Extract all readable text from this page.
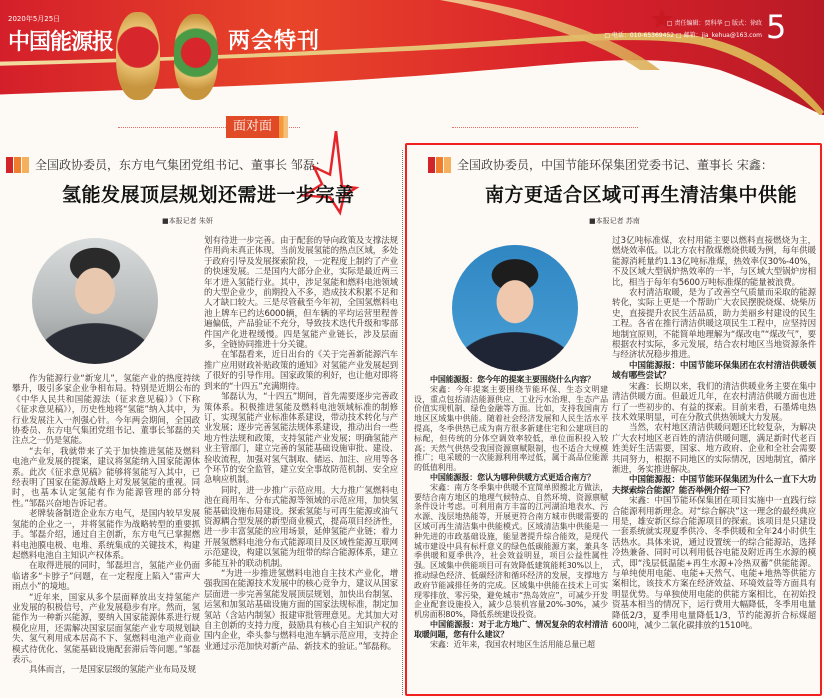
2020年5月25日
中国能源报	两会特刊
□ 责任编辑：贾科华 □ 版式：徐政
□ 电话：010-65369452 □ 邮箱：jia_kehua@163.com 5
面对面
全国政协委员，东方电气集团党组书记、董事长 邹磊：
氢能发展顶层规划还需进一步完善
■本报记者 朱妍

作为能源行业“新宠儿”，氢能产业的热度持续攀升，吸引多家企业争相布局。特别是近期公布的《中华人民共和国能源法（征求意见稿）》（下称《征求意见稿》），历史性地将“氢能”纳入其中，为行业发展注入一剂强心针。今年两会期间，全国政协委员、东方电气集团党组书记、董事长邹磊的关注点之一仍是氢能。

“去年，我就带来了关于加快推进氢能及燃料电池产业发展的提案，建议将氢能纳入国家能源体系。此次《征求意见稿》能够将氢能写入其中，已经表明了国家在能源战略上对发展氢能的重视。同时，也基本认定氢能有作为能源管理的部分特性。”邹磊兴奋地告诉记者。

老牌装备制造企业东方电气，是国内较早发展氢能的企业之一，并将氢能作为战略转型的重要抓手。邹磊介绍，通过自主创新，东方电气已掌握燃料电池膜电极、电堆、系统集成的关键技术，构建起燃料电池自主知识产权体系。

在取得进展的同时，邹磊坦言，氢能产业仍面临诸多“卡脖子”问题，在一定程度上陷入“雷声大雨点小”的境地。

“近年来，国家从多个层面释放出支持氢能产业发展的积极信号，产业发展稳步有序。然而，氢能作为一种新兴能源，要纳入国家能源体系进行规模化应用，还需解决国家层面氢能产业专项规划缺失、氢气利用成本居高不下、氢燃料电池产业商业模式待优化、氢能基础设施配套滞后等问题。”邹磊表示。

具体而言，一是国家层级的氢能产业布局及规

划有待进一步完善。由于配套的导向政策及支撑法规作用尚未真正体现，当前发展氢能的热点区域，多处于政府引导及发展探索阶段，一定程度上制约了产业的快速发展。二是国内大部分企业，实际是最近两三年才进入氢能行业。其中，涉足氢能和燃料电池领域的大型企业少，前期投入不多，造成技术积累不足和人才缺口较大。三是尽管截至今年初，全国氢燃料电池上牌车已约达6000辆，但车辆的平均运营里程普遍偏低，产品验证不充分，导致技术迭代升级和零部件国产化进程缓慢。四是氢能产业链长，涉及层面多，全链协同推进十分关键。

在邹磊看来，近日出台的《关于完善新能源汽车推广应用财政补贴政策的通知》对氢能产业发展起到了很好的引导作用。国家政策的利好，也让他对即将到来的“十四五”充满期待。

邹磊认为，“十四五”期间，首先需要逐步完善政策体系。积极推进氢能及燃料电池领域标准的制修订，实现氢能产业标准体系建设，带动技术转化与产业发展；逐步完善氢能法规体系建设，推动出台一些地方性法规和政策，支持氢能产业发展；明确氢能产业主管部门，建立完善的氢能基础设施审批、建设、验收流程，加强对氢气制取、储运、加注、应用等各个环节的安全监管，建立安全事故防范机制、安全应急响应机制。

同时，进一步推广示范应用。大力推广氢燃料电池在商用车、分布式能源等领域的示范应用，加快氢能基础设施布局建设。探索氢能与可再生能源或油气资源耦合型发展的新型商业模式，提高项目经济性，进一步丰富氢能的应用场景，延伸氢能产业链；着力开展氢燃料电池分布式能源项目及区域性能源互联网示范建设，构建以氢能为纽带的综合能源体系，建立多能互补的联动机制。

“为进一步推进氢燃料电池自主技术产业化，增强我国在能源技术发展中的核心竞争力，建议从国家层面进一步完善氢能发展顶层规划，加快出台制氢、运氢和加氢站基础设施方面的国家法规标准，制定加氢站（含站内制氢）报建审批管理意见。尤其加大对自主创新的支持力度，鼓励具有核心自主知识产权的国内企业，牵头参与燃料电池车辆示范应用，支持企业通过示范加快对新产品、新技术的验证。”邹磊称。

全国政协委员，中国节能环保集团党委书记、董事长 宋鑫：
南方更适合区域可再生清洁集中供能
■本报记者 苏南

中国能源报：您今年的提案主要围绕什么内容？

宋鑫：今年提案主要围绕节能环保、生态文明建设，重点包括清洁能源供应、工业污水治理、生态产品价值实现机制、绿色金融等方面。比如，支持我国南方地区区域集中供能。随着社会经济发展和人民生活水平提高，冬季供热已成为南方很多新建住宅和公建项目的标配，但传统的分体空调效率较低，单位面积投入较高；天然气供热受我国资源禀赋限制，也不适合大规模推广；电采暖的一次能源利用率过低，属于高品位能源的低值利用。

中国能源报：您认为哪种供暖方式更适合南方？

宋鑫：南方冬季集中供暖不宜简单照搬北方做法，要结合南方地区的地理气候特点、自然环境、资源禀赋条件设计考虑。可利用南方丰富的江河湖泊地表水、污水源、浅层地热能等，开展更符合南方城市供暖需要的区域可再生清洁集中供能模式。区域清洁集中供能是一种先进的市政基础设施，能显著提升综合能效，是现代城市建设中具有标杆意义的绿色低碳能源方案，兼具冬季供暖和夏季供冷，社会效益明显，项目公益性属性强。区域集中供能项目可有效降低建筑能耗30%以上，推动绿色经济、低碳经济和循环经济的发展，支撑地方政府节能减排任务的完成。区域集中供能在技术上可实现零排放、零污染，避免城市“热岛效应”，可减少开发企业配套设施投入，减少总装机容量20%-30%，减少机房面积80%，降低系统建设投资。

中国能源报：对于北方地广、情况复杂的农村清洁取暖问题，您有什么建议？

宋鑫：近年来，我国农村地区生活用能总量已超

过3亿吨标准煤，农村用能主要以燃料直接燃烧为主，燃烧效率低。以北方农村散煤燃烧供暖为例，每年供暖能源消耗量约1.13亿吨标准煤，热效率仅30%-40%，不及区域大型锅炉热效率的一半，与区域大型锅炉房相比，相当于每年有5600万吨标准煤的能量被浪费。

农村清洁取暖，是为了改善空气质量而采取的能源转化，实际上更是一个帮助广大农民摆脱烧煤、烧柴历史，直接提升农民生活品质，助力美丽乡村建设的民生工程。各省在推行清洁供暖这项民生工程中，应坚持因地制宜原则，不能简单地理解为“煤改电”“煤改气”，要根据农村实际，多元发展，结合农村地区当地资源条件与经济状况稳步推进。

中国能源报：中国节能环保集团在农村清洁供暖领域有哪些尝试？

宋鑫：长期以来，我们的清洁供暖业务主要在集中清洁供暖方面。但最近几年，在农村清洁供暖方面也进行了一些初步的、有益的探索。目前来看，石墨烯电热技术效果明显，可在分散式供热领域大力发展。

当然，农村地区清洁供暖问题还比较复杂，为解决广大农村地区老百姓的清洁供暖问题，满足新时代老百姓美好生活需要，国家、地方政府、企业和全社会需要共同努力，根据不同地区的实际情况，因地制宜，循序渐进，务实推进解决。

中国能源报：中国节能环保集团为什么一直下大功夫探索综合能源？能否举例介绍一下？

宋鑫：中国节能环保集团在项目实施中一直践行综合能源利用新理念。对“综合解决”这一理念的最经典应用是，雄安新区综合能源项目的探索。该项目是只建设一套系统就实现夏季供冷、冬季供暖和全年24小时供生活热水。具体来说，通过设置统一的综合能源站，选择冷热兼备、同时可以利用低谷电能及附近再生水源的模式，即“浅层低温能+再生水源+冷热双蓄”供能能源。与单纯使用电能、电能+天然气、电能+地热等供能方案相比，该技术方案在经济效益、环境效益等方面具有明显优势。与单独使用电能的供能方案相比，在初始投资基本相当的情况下，运行费用大幅降低，冬季用电量降低2/3，夏季用电量降低1/3，节约能源折合标煤超600吨，减少二氧化碳排放约1510吨。
